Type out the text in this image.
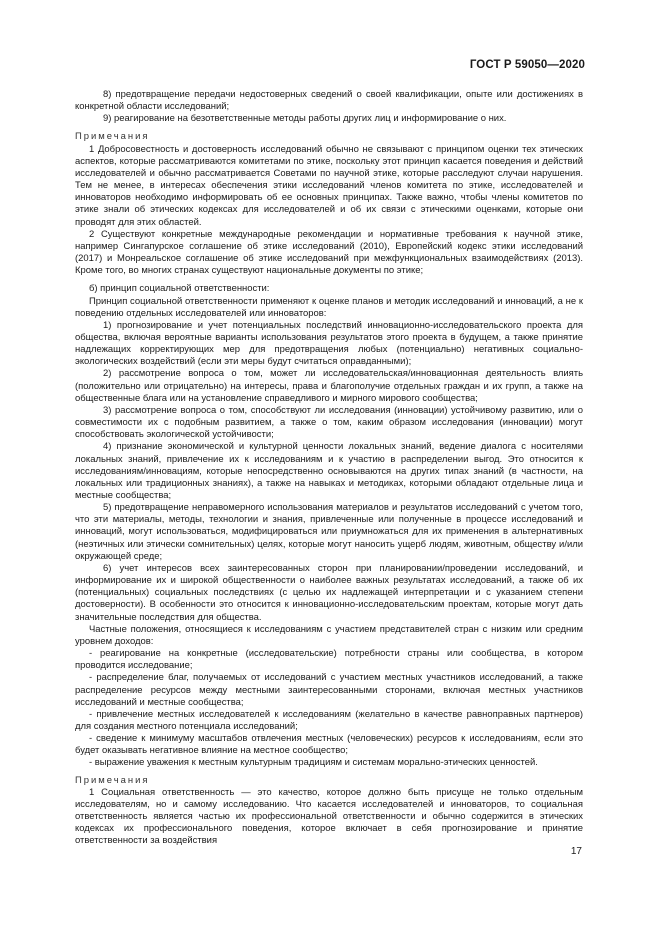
ГОСТ Р 59050—2020
8) предотвращение передачи недостоверных сведений о своей квалификации, опыте или достижениях в конкретной области исследований;
9) реагирование на безответственные методы работы других лиц и информирование о них.
Примечания
1 Добросовестность и достоверность исследований обычно не связывают с принципом оценки тех этических аспектов, которые рассматриваются комитетами по этике, поскольку этот принцип касается поведения и действий исследователей и обычно рассматривается Советами по научной этике, которые расследуют случаи нарушения. Тем не менее, в интересах обеспечения этики исследований членов комитета по этике, исследователей и инноваторов необходимо информировать об ее основных принципах. Также важно, чтобы члены комитетов по этике знали об этических кодексах для исследователей и об их связи с этическими оценками, которые они проводят для этих областей.
2 Существуют конкретные международные рекомендации и нормативные требования к научной этике, например Сингапурское соглашение об этике исследований (2010), Европейский кодекс этики исследований (2017) и Монреальское соглашение об этике исследований при межфункциональных взаимодействиях (2013). Кроме того, во многих странах существуют национальные документы по этике;
б) принцип социальной ответственности:
Принцип социальной ответственности применяют к оценке планов и методик исследований и инноваций, а не к поведению отдельных исследователей или инноваторов:
1) прогнозирование и учет потенциальных последствий инновационно-исследовательского проекта для общества, включая вероятные варианты использования результатов этого проекта в будущем, а также принятие надлежащих корректирующих мер для предотвращения любых (потенциально) негативных социально-экологических воздействий (если эти меры будут считаться оправданными);
2) рассмотрение вопроса о том, может ли исследовательская/инновационная деятельность влиять (положительно или отрицательно) на интересы, права и благополучие отдельных граждан и их групп, а также на общественные блага или на установление справедливого и мирного мирового сообщества;
3) рассмотрение вопроса о том, способствуют ли исследования (инновации) устойчивому развитию, или о совместимости их с подобным развитием, а также о том, каким образом исследования (инновации) могут способствовать экологической устойчивости;
4) признание экономической и культурной ценности локальных знаний, ведение диалога с носителями локальных знаний, привлечение их к исследованиям и к участию в распределении выгод. Это относится к исследованиям/инновациям, которые непосредственно основываются на других типах знаний (в частности, на локальных или традиционных знаниях), а также на навыках и методиках, которыми обладают отдельные лица и местные сообщества;
5) предотвращение неправомерного использования материалов и результатов исследований с учетом того, что эти материалы, методы, технологии и знания, привлеченные или полученные в процессе исследований и инноваций, могут использоваться, модифицироваться или приумножаться для их применения в альтернативных (неэтичных или этически сомнительных) целях, которые могут наносить ущерб людям, животным, обществу и/или окружающей среде;
6) учет интересов всех заинтересованных сторон при планировании/проведении исследований, и информирование их и широкой общественности о наиболее важных результатах исследований, а также об их (потенциальных) социальных последствиях (с целью их надлежащей интерпретации и с указанием степени достоверности). В особенности это относится к инновационно-исследовательским проектам, которые могут дать значительные последствия для общества.
Частные положения, относящиеся к исследованиям с участием представителей стран с низким или средним уровнем доходов:
- реагирование на конкретные (исследовательские) потребности страны или сообщества, в котором проводится исследование;
- распределение благ, получаемых от исследований с участием местных участников исследований, а также распределение ресурсов между местными заинтересованными сторонами, включая местных участников исследований и местные сообщества;
- привлечение местных исследователей к исследованиям (желательно в качестве равноправных партнеров) для создания местного потенциала исследований;
- сведение к минимуму масштабов отвлечения местных (человеческих) ресурсов к исследованиям, если это будет оказывать негативное влияние на местное сообщество;
- выражение уважения к местным культурным традициям и системам морально-этических ценностей.
Примечания
1 Социальная ответственность — это качество, которое должно быть присуще не только отдельным исследователям, но и самому исследованию. Что касается исследователей и инноваторов, то социальная ответственность является частью их профессиональной ответственности и обычно содержится в этических кодексах их профессионального поведения, которое включает в себя прогнозирование и принятие ответственности за воздействия
17
